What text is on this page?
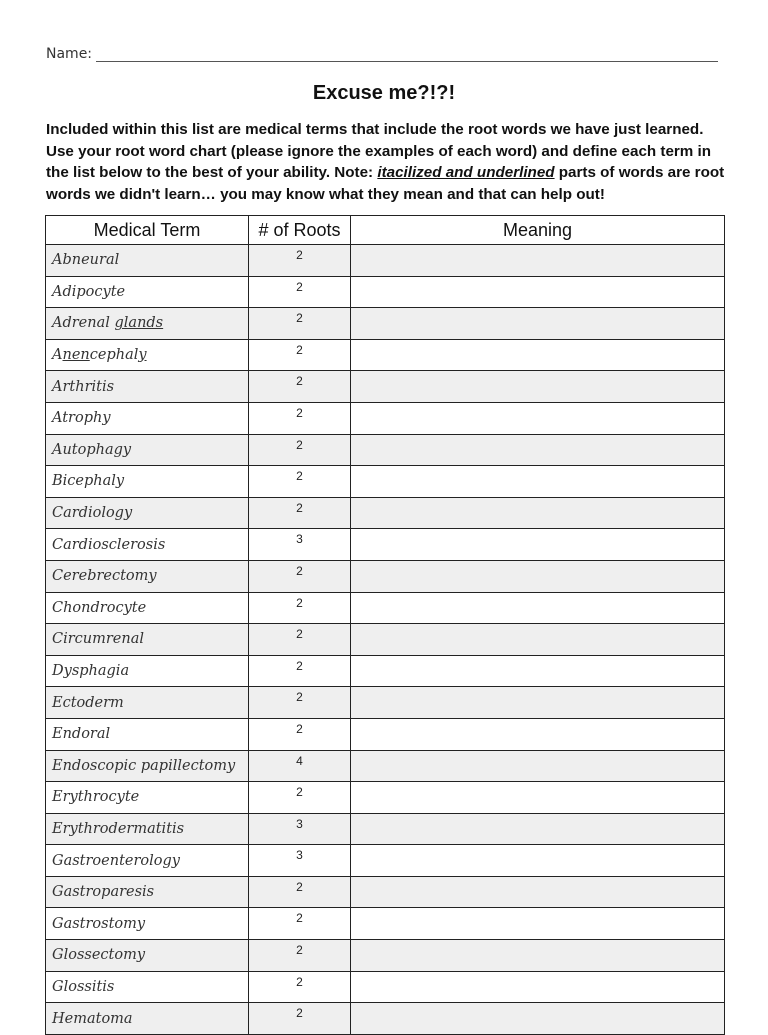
Name:
Excuse me?!?!

Included within this list are medical terms that include the root words we have just learned. Use your root word chart (please ignore the examples of each word) and define each term in the list below to the best of your ability. Note: itacilized and underlined parts of words are root words we didn't learn… you may know what they mean and that can help out!

Medical Term	# of Roots	Meaning
Abneural	2	
Adipocyte	2	
Adrenal glands	2	
Anencephaly	2	
Arthritis	2	
Atrophy	2	
Autophagy	2	
Bicephaly	2	
Cardiology	2	
Cardiosclerosis	3	
Cerebrectomy	2	
Chondrocyte	2	
Circumrenal	2	
Dysphagia	2	
Ectoderm	2	
Endoral	2	
Endoscopic papillectomy	4	
Erythrocyte	2	
Erythrodermatitis	3	
Gastroenterology	3	
Gastroparesis	2	
Gastrostomy	2	
Glossectomy	2	
Glossitis	2	
Hematoma	2	
